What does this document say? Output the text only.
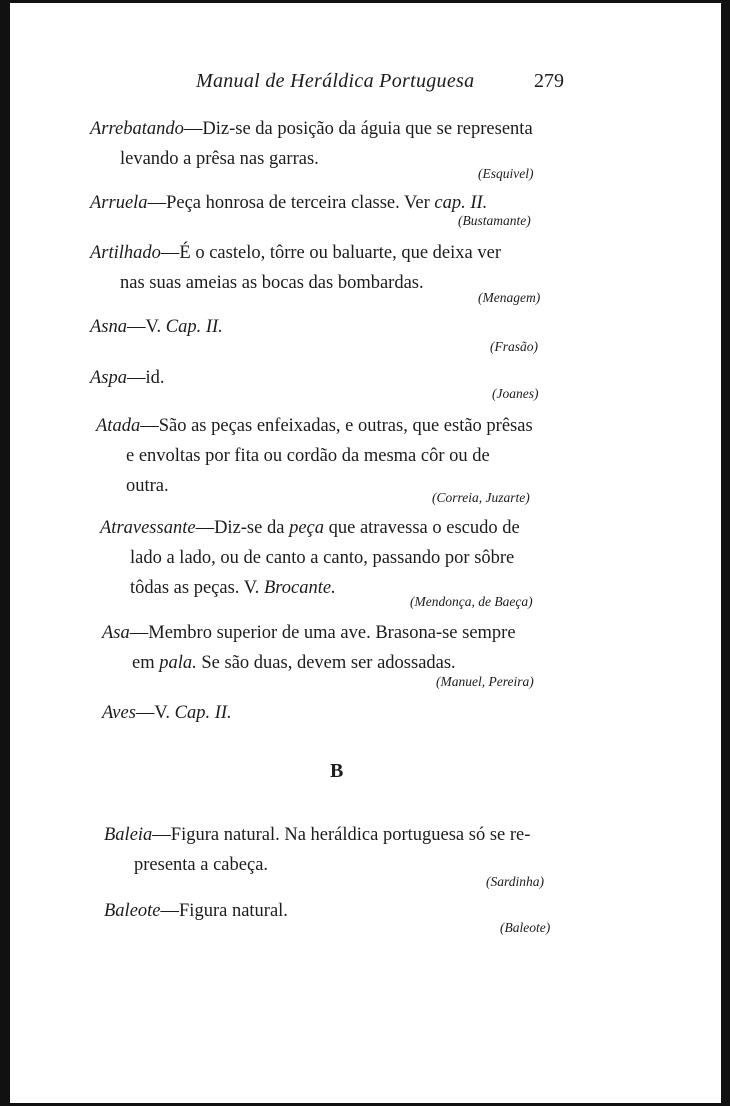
Manual de Heráldica Portuguesa	279
Arrebatando—Diz-se da posição da águia que se representa
levando a prêsa nas garras.
(Esquivel)
Arruela—Peça honrosa de terceira classe. Ver cap. II.
(Bustamante)
Artilhado—É o castelo, tôrre ou baluarte, que deixa ver
nas suas ameias as bocas das bombardas.
(Menagem)
Asna—V. Cap. II.
(Frasão)
Aspa—id.
(Joanes)
Atada—São as peças enfeixadas, e outras, que estão prêsas
e envoltas por fita ou cordão da mesma côr ou de
outra.
(Correia, Juzarte)
Atravessante—Diz-se da peça que atravessa o escudo de
lado a lado, ou de canto a canto, passando por sôbre
tôdas as peças. V. Brocante.
(Mendonça, de Baeça)
Asa—Membro superior de uma ave. Brasona-se sempre
em pala. Se são duas, devem ser adossadas.
(Manuel, Pereira)
Aves—V. Cap. II.
B
Baleia—Figura natural. Na heráldica portuguesa só se re-
presenta a cabeça.
(Sardinha)
Baleote—Figura natural.
(Baleote)
